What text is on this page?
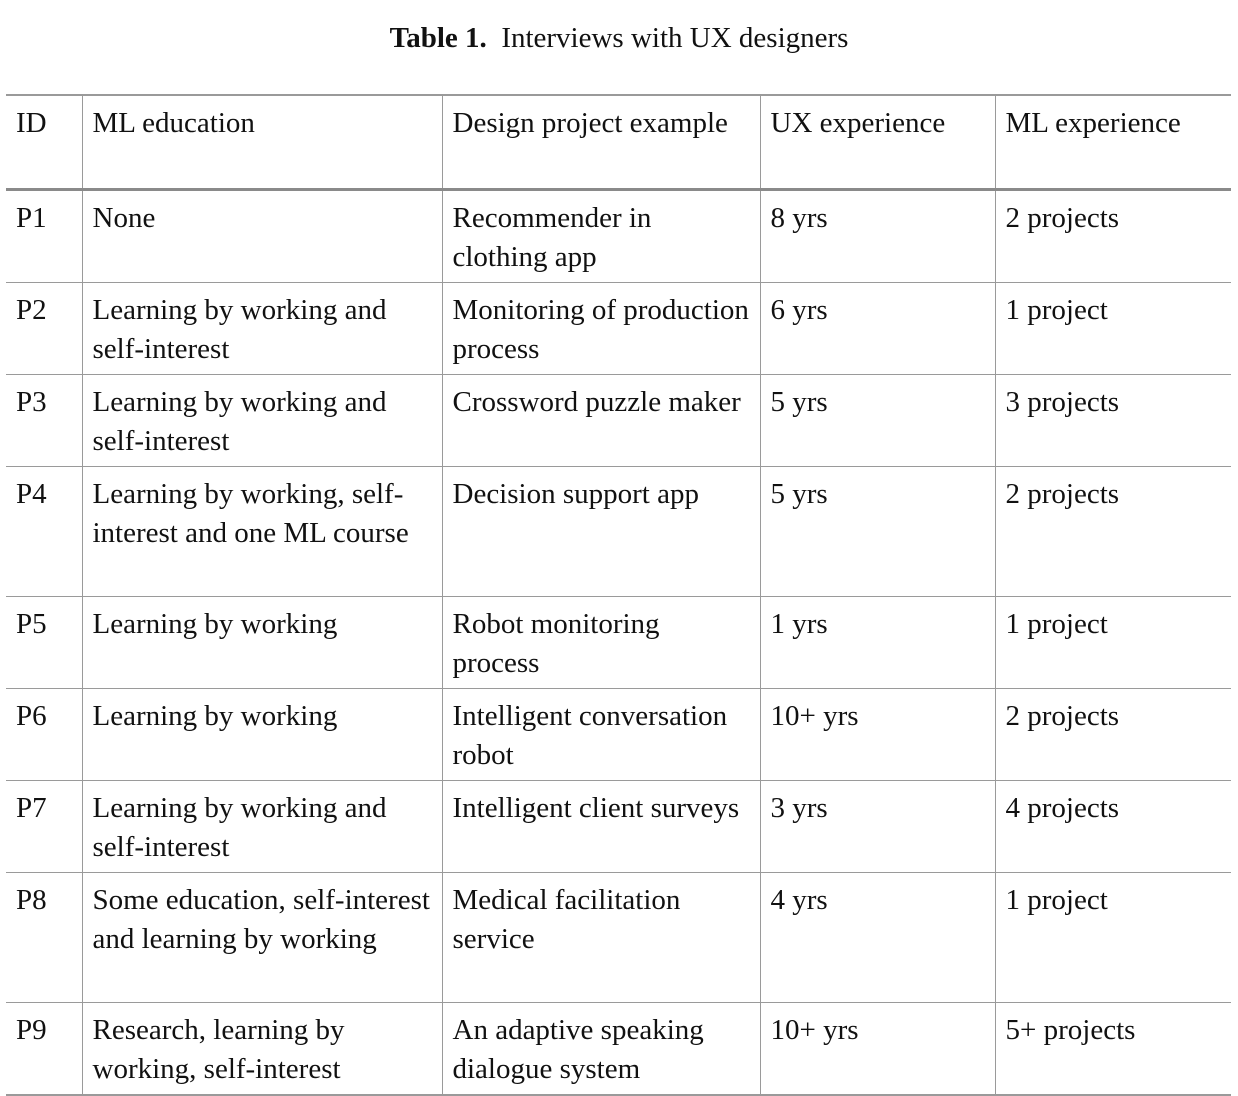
Table 1. Interviews with UX designers
ID	ML education	Design project example	UX experience	ML experience
P1	None	Recommender in clothing app	8 yrs	2 projects
P2	Learning by working and self-interest	Monitoring of production process	6 yrs	1 project
P3	Learning by working and self-interest	Crossword puzzle maker	5 yrs	3 projects
P4	Learning by working, self-interest and one ML course	Decision support app	5 yrs	2 projects
P5	Learning by working	Robot monitoring process	1 yrs	1 project
P6	Learning by working	Intelligent conversation robot	10+ yrs	2 projects
P7	Learning by working and self-interest	Intelligent client surveys	3 yrs	4 projects
P8	Some education, self-interest and learning by working	Medical facilitation service	4 yrs	1 project
P9	Research, learning by working, self-interest	An adaptive speaking dialogue system	10+ yrs	5+ projects
